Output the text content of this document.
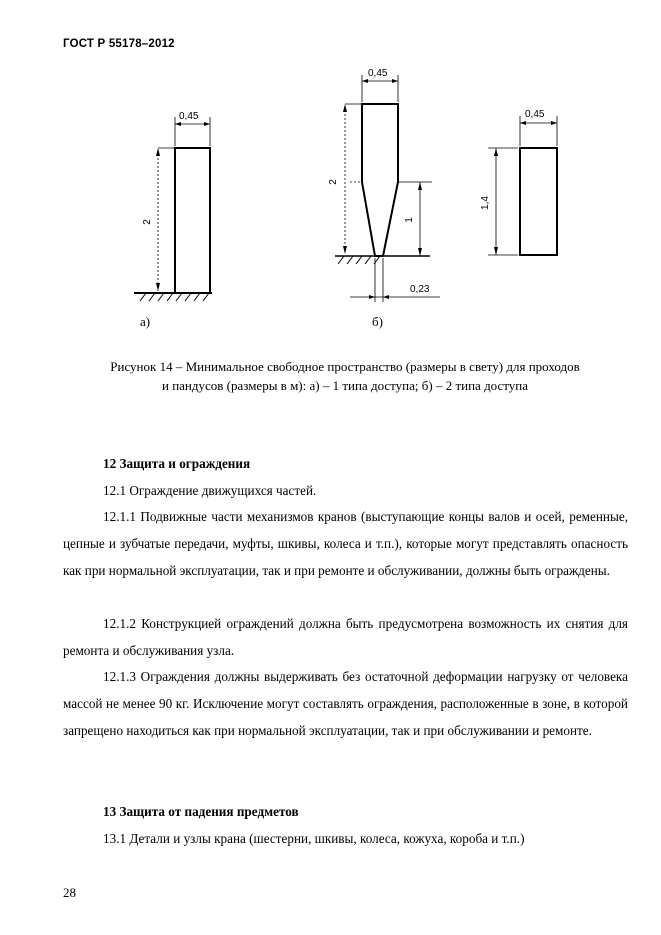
ГОСТ Р 55178–2012
0,45
2
а)
0,45
2
1
0,23
б)
0,45
1,4
Рисунок 14 – Минимальное свободное пространство (размеры в свету) для проходов
и пандусов (размеры в м): а) – 1 типа доступа; б) – 2 типа доступа
12 Защита и ограждения
12.1 Ограждение движущихся частей.
12.1.1 Подвижные части механизмов кранов (выступающие концы валов и осей, ременные, цепные и зубчатые передачи, муфты, шкивы, колеса и т.п.), которые могут представлять опасность как при нормальной эксплуатации, так и при ремонте и обслуживании, должны быть ограждены.
12.1.2 Конструкцией ограждений должна быть предусмотрена возможность их снятия для ремонта и обслуживания узла.
12.1.3 Ограждения должны выдерживать без остаточной деформации нагрузку от человека массой не менее 90 кг. Исключение могут составлять ограждения, расположенные в зоне, в которой запрещено находиться как при нормальной эксплуатации, так и при обслуживании и ремонте.
13 Защита от падения предметов
13.1 Детали и узлы крана (шестерни, шкивы, колеса, кожуха, короба и т.п.)
28
